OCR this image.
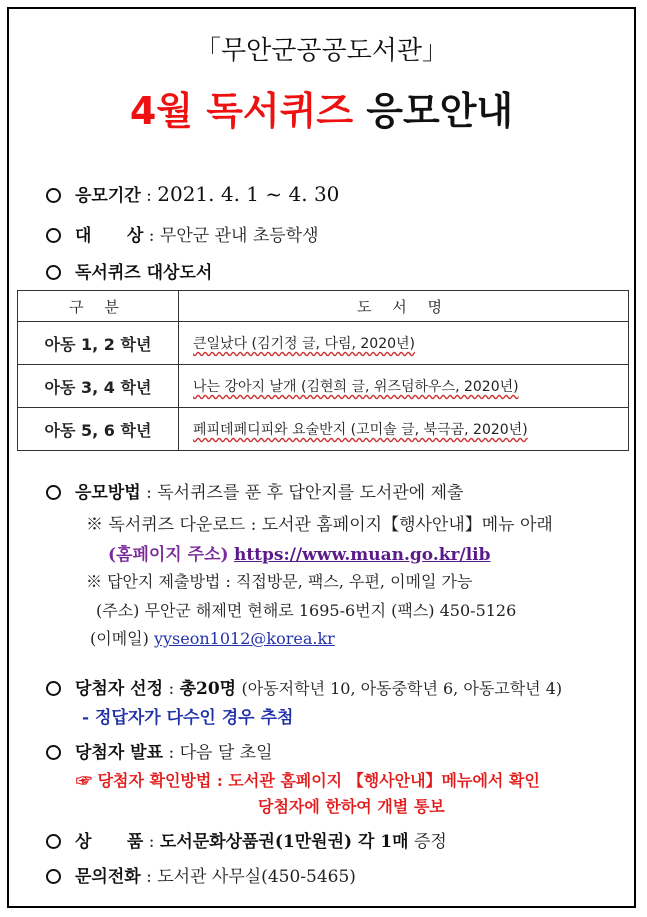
「무안군공공도서관」
4월 독서퀴즈 응모안내
응모기간 : 2021. 4. 1 ~ 4. 30
대      상 : 무안군 관내 초등학생
독서퀴즈 대상도서
구 분	도 서 명
아동 1, 2 학년	큰일났다 (김기정 글, 다림, 2020년)
아동 3, 4 학년	나는 강아지 날개 (김현희 글, 위즈덤하우스, 2020년)
아동 5, 6 학년	페피데페디피와 요술반지 (고미솔 글, 북극곰, 2020년)
응모방법 : 독서퀴즈를 푼 후 답안지를 도서관에 제출
※ 독서퀴즈 다운로드 : 도서관 홈페이지【행사안내】메뉴 아래
(홈페이지 주소) https://www.muan.go.kr/lib
※ 답안지 제출방법 : 직접방문, 팩스, 우편, 이메일 가능
(주소) 무안군 해제면 현해로 1695-6번지 (팩스) 450-5126
(이메일) yyseon1012@korea.kr
당첨자 선정 : 총20명 (아동저학년 10, 아동중학년 6, 아동고학년 4)
- 정답자가 다수인 경우 추첨
당첨자 발표 : 다음 달 초일
☞ 당첨자 확인방법 : 도서관 홈페이지 【행사안내】메뉴에서 확인
당첨자에 한하여 개별 통보
상      품 : 도서문화상품권(1만원권) 각 1매 증정
문의전화 : 도서관 사무실(450-5465)
